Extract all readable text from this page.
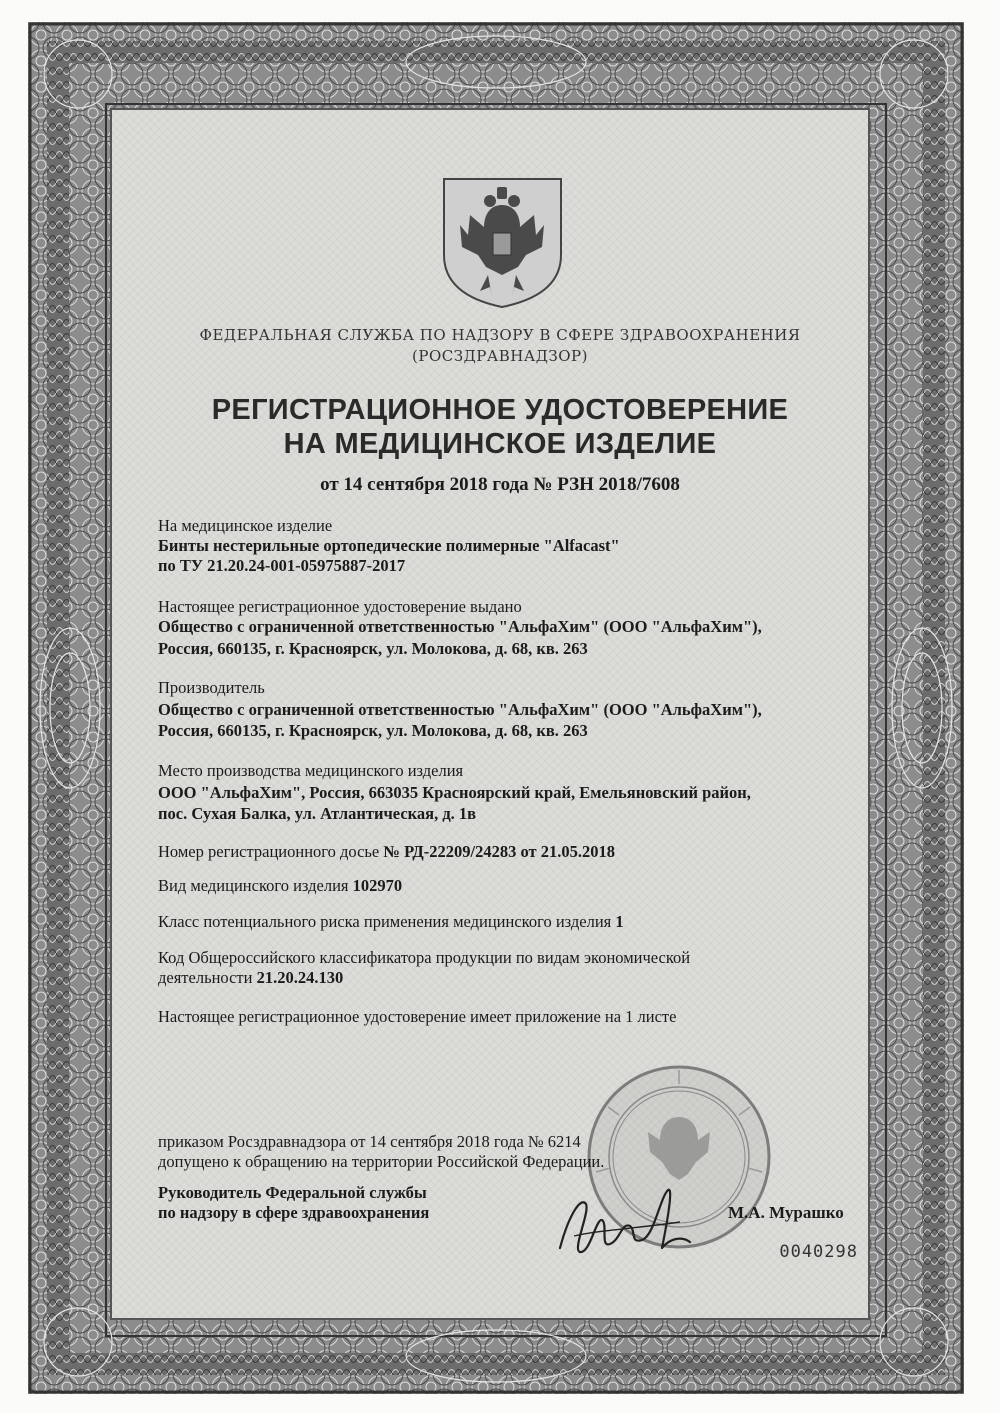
ФЕДЕРАЛЬНАЯ СЛУЖБА ПО НАДЗОРУ В СФЕРЕ ЗДРАВООХРАНЕНИЯ
(РОСЗДРАВНАДЗОР)
РЕГИСТРАЦИОННОЕ УДОСТОВЕРЕНИЕ
НА МЕДИЦИНСКОЕ ИЗДЕЛИЕ
от 14 сентября 2018 года № РЗН 2018/7608
На медицинское изделие
Бинты нестерильные ортопедические полимерные "Alfacast"
по ТУ 21.20.24-001-05975887-2017
Настоящее регистрационное удостоверение выдано
Общество с ограниченной ответственностью "АльфаХим" (ООО "АльфаХим"),
Россия, 660135, г. Красноярск, ул. Молокова, д. 68, кв. 263
Производитель
Общество с ограниченной ответственностью "АльфаХим" (ООО "АльфаХим"),
Россия, 660135, г. Красноярск, ул. Молокова, д. 68, кв. 263
Место производства медицинского изделия
ООО "АльфаХим", Россия, 663035 Красноярский край, Емельяновский район,
пос. Сухая Балка, ул. Атлантическая, д. 1в
Номер регистрационного досье № РД-22209/24283 от 21.05.2018
Вид медицинского изделия 102970
Класс потенциального риска применения медицинского изделия 1
Код Общероссийского классификатора продукции по видам экономической
деятельности 21.20.24.130
Настоящее регистрационное удостоверение имеет приложение на 1 листе
приказом Росздравнадзора от 14 сентября 2018 года № 6214
допущено к обращению на территории Российской Федерации.
Руководитель Федеральной службы
по надзору в сфере здравоохранения	М.А. Мурашко
0040298
